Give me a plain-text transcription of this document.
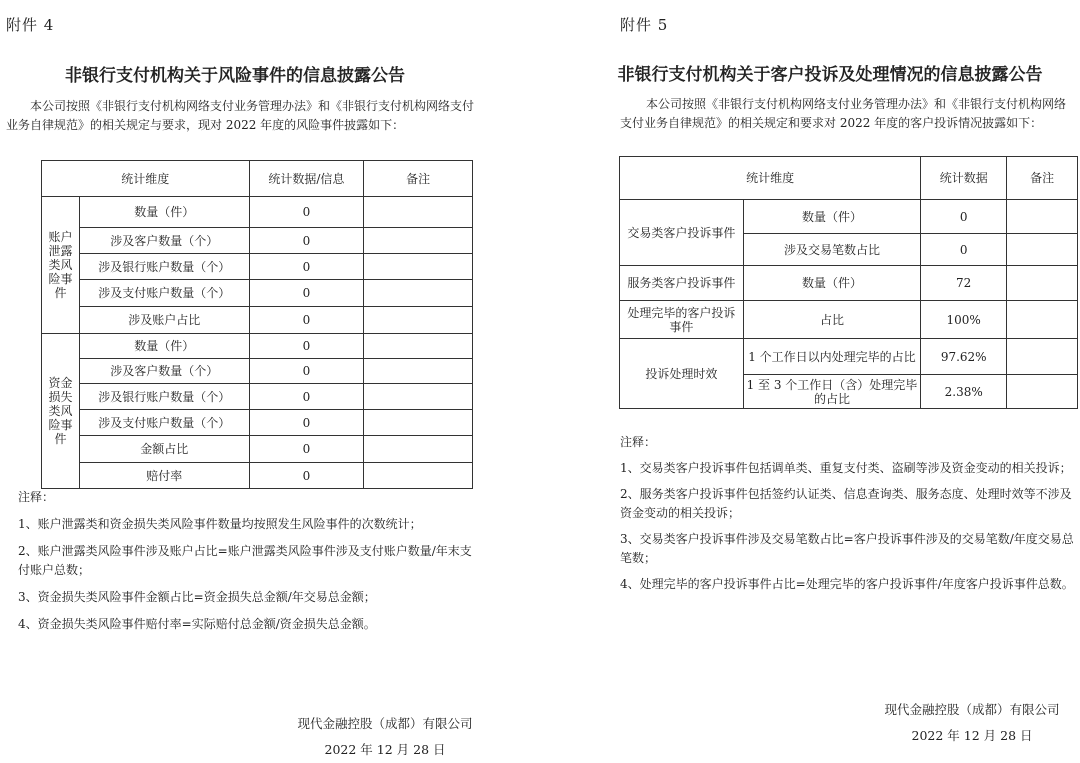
附件 4
非银行支付机构关于风险事件的信息披露公告
本公司按照《非银行支付机构网络支付业务管理办法》和《非银行支付机构网络支付业务自律规范》的相关规定与要求，现对 2022 年度的风险事件披露如下：
统计维度		统计数据/信息	备注
账户泄露类风险事件	数量（件）	0	
	涉及客户数量（个）	0	
	涉及银行账户数量（个）	0	
	涉及支付账户数量（个）	0	
	涉及账户占比	0	
资金损失类风险事件	数量（件）	0	
	涉及客户数量（个）	0	
	涉及银行账户数量（个）	0	
	涉及支付账户数量（个）	0	
	金额占比	0	
	赔付率	0	

注释：

1、账户泄露类和资金损失类风险事件数量均按照发生风险事件的次数统计；

2、账户泄露类风险事件涉及账户占比=账户泄露类风险事件涉及支付账户数量/年末支付账户总数；

3、资金损失类风险事件金额占比=资金损失总金额/年交易总金额；

4、资金损失类风险事件赔付率=实际赔付总金额/资金损失总金额。

现代金融控股（成都）有限公司
2022 年 12 月 28 日
附件 5
非银行支付机构关于客户投诉及处理情况的信息披露公告
本公司按照《非银行支付机构网络支付业务管理办法》和《非银行支付机构网络支付业务自律规范》的相关规定和要求对 2022 年度的客户投诉情况披露如下：
统计维度		统计数据	备注
交易类客户投诉事件	数量（件）	0	
	涉及交易笔数占比	0	
服务类客户投诉事件	数量（件）	72	
处理完毕的客户投诉事件	占比	100%	
投诉处理时效	1 个工作日以内处理完毕的占比	97.62%	
	1 至 3 个工作日（含）处理完毕的占比	2.38%	

注释：

1、交易类客户投诉事件包括调单类、重复支付类、盗刷等涉及资金变动的相关投诉；

2、服务类客户投诉事件包括签约认证类、信息查询类、服务态度、处理时效等不涉及资金变动的相关投诉；

3、交易类客户投诉事件涉及交易笔数占比=客户投诉事件涉及的交易笔数/年度交易总笔数；

4、处理完毕的客户投诉事件占比=处理完毕的客户投诉事件/年度客户投诉事件总数。

现代金融控股（成都）有限公司
2022 年 12 月 28 日
